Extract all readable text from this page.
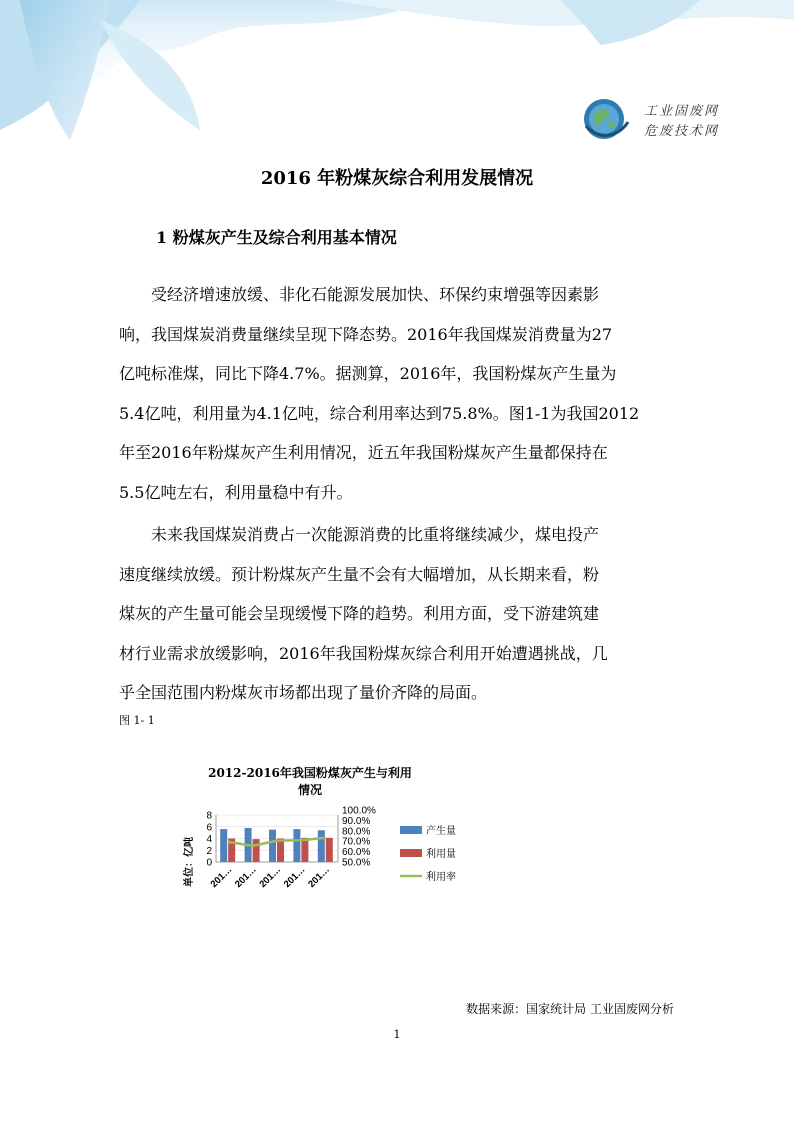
工业固废网
危废技术网
2016 年粉煤灰综合利用发展情况
1 粉煤灰产生及综合利用基本情况
受经济增速放缓、非化石能源发展加快、环保约束增强等因素影
响，我国煤炭消费量继续呈现下降态势。2016年我国煤炭消费量为27
亿吨标准煤，同比下降4.7%。据测算，2016年，我国粉煤灰产生量为
5.4亿吨，利用量为4.1亿吨，综合利用率达到75.8%。图1-1为我国2012
年至2016年粉煤灰产生利用情况，近五年我国粉煤灰产生量都保持在
5.5亿吨左右，利用量稳中有升。
未来我国煤炭消费占一次能源消费的比重将继续减少，煤电投产
速度继续放缓。预计粉煤灰产生量不会有大幅增加，从长期来看，粉
煤灰的产生量可能会呈现缓慢下降的趋势。利用方面，受下游建筑建
材行业需求放缓影响，2016年我国粉煤灰综合利用开始遭遇挑战，几
乎全国范围内粉煤灰市场都出现了量价齐降的局面。
图 1- 1
2012-2016年我国粉煤灰产生与利用
情况
8
6
4
2
0
100.0%
90.0%
80.0%
70.0%
60.0%
50.0%
单位：亿吨 201…
201…
201…
201…
201…
产生量
利用量
利用率
数据来源：国家统计局 工业固废网分析
1
